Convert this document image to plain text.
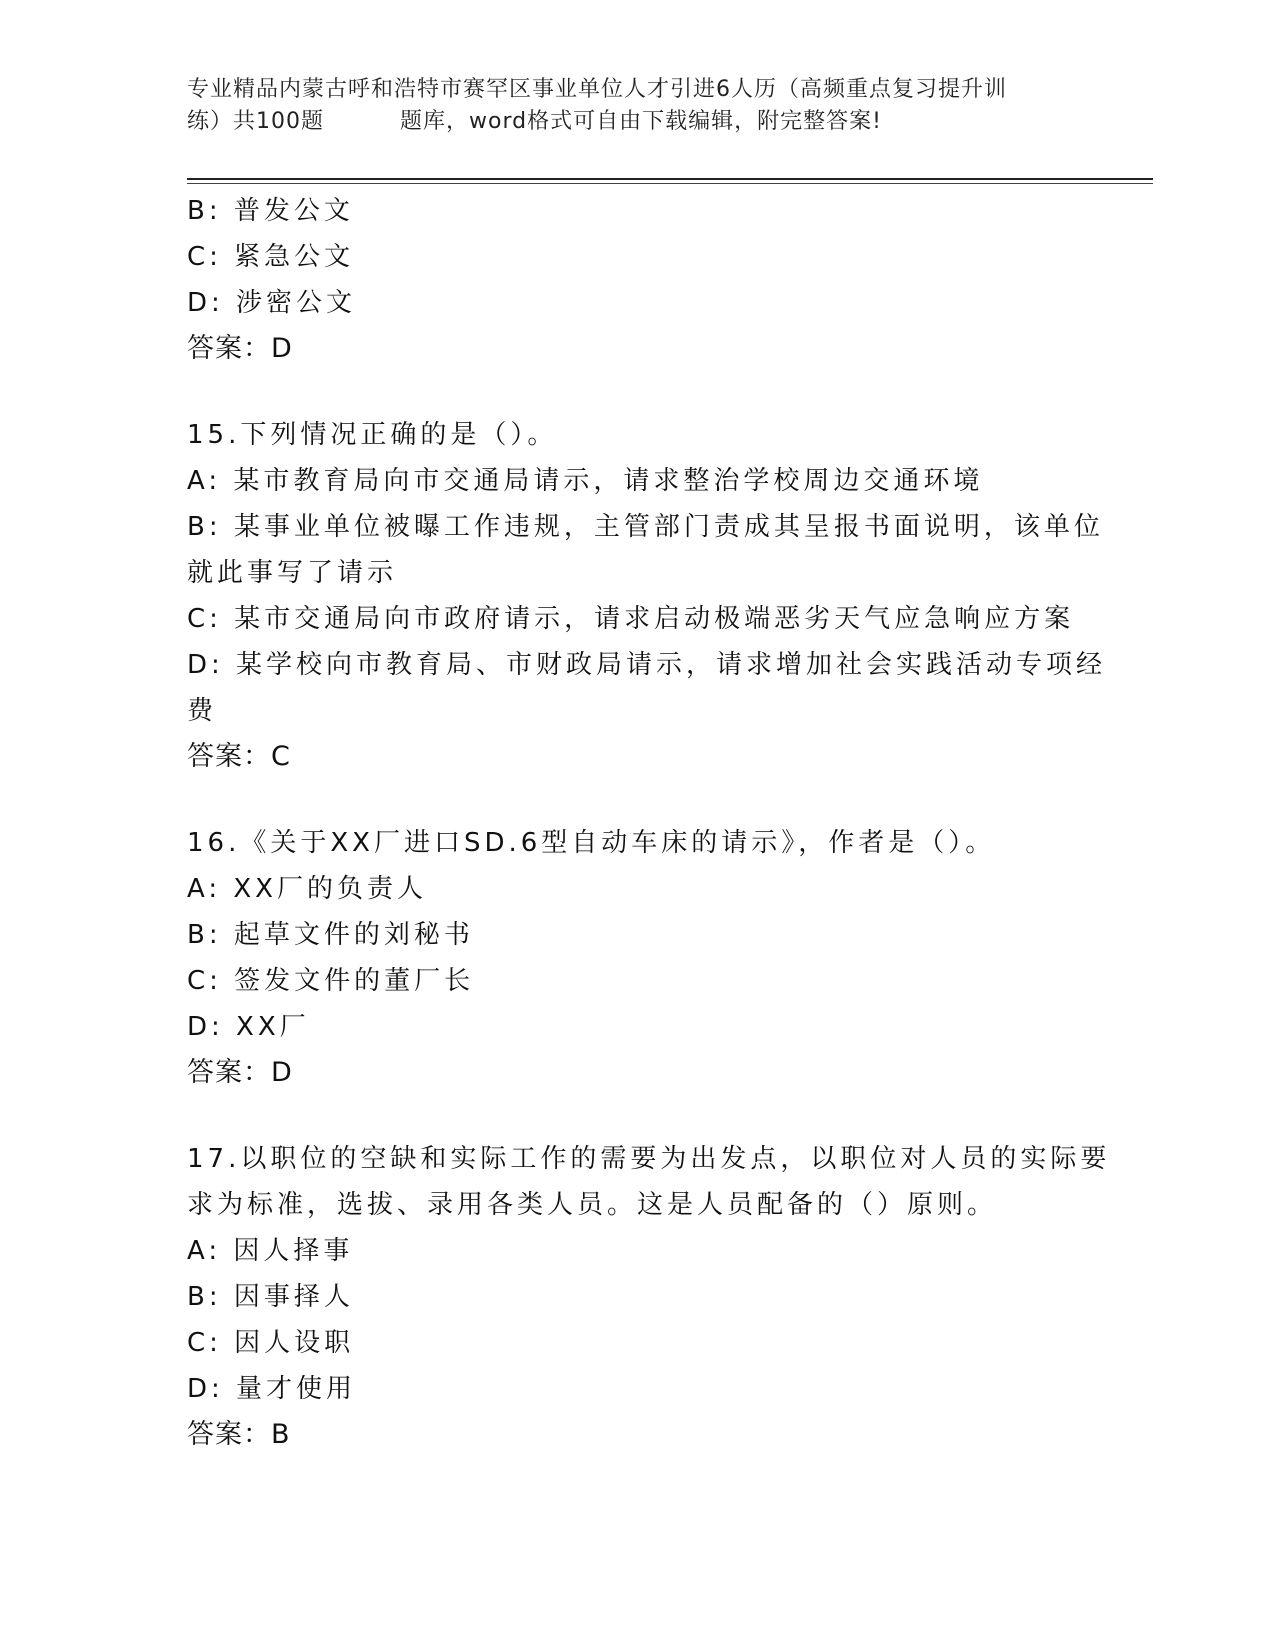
专业精品内蒙古呼和浩特市赛罕区事业单位人才引进6人历（高频重点复习提升训
练）共100题	题库，word格式可自由下载编辑，附完整答案!
B: 普发公文
C: 紧急公文
D: 涉密公文
答案：D
15.下列情况正确的是（）。
A: 某市教育局向市交通局请示，请求整治学校周边交通环境
B: 某事业单位被曝工作违规，主管部门责成其呈报书面说明，该单位
就此事写了请示
C: 某市交通局向市政府请示，请求启动极端恶劣天气应急响应方案
D: 某学校向市教育局、市财政局请示，请求增加社会实践活动专项经
费
答案：C
16.《关于XX厂进口SD.6型自动车床的请示》，作者是（）。
A: XX厂的负责人
B: 起草文件的刘秘书
C: 签发文件的董厂长
D: XX厂
答案：D
17.以职位的空缺和实际工作的需要为出发点，以职位对人员的实际要
求为标准，选拔、录用各类人员。这是人员配备的（）原则。
A: 因人择事
B: 因事择人
C: 因人设职
D: 量才使用
答案：B
